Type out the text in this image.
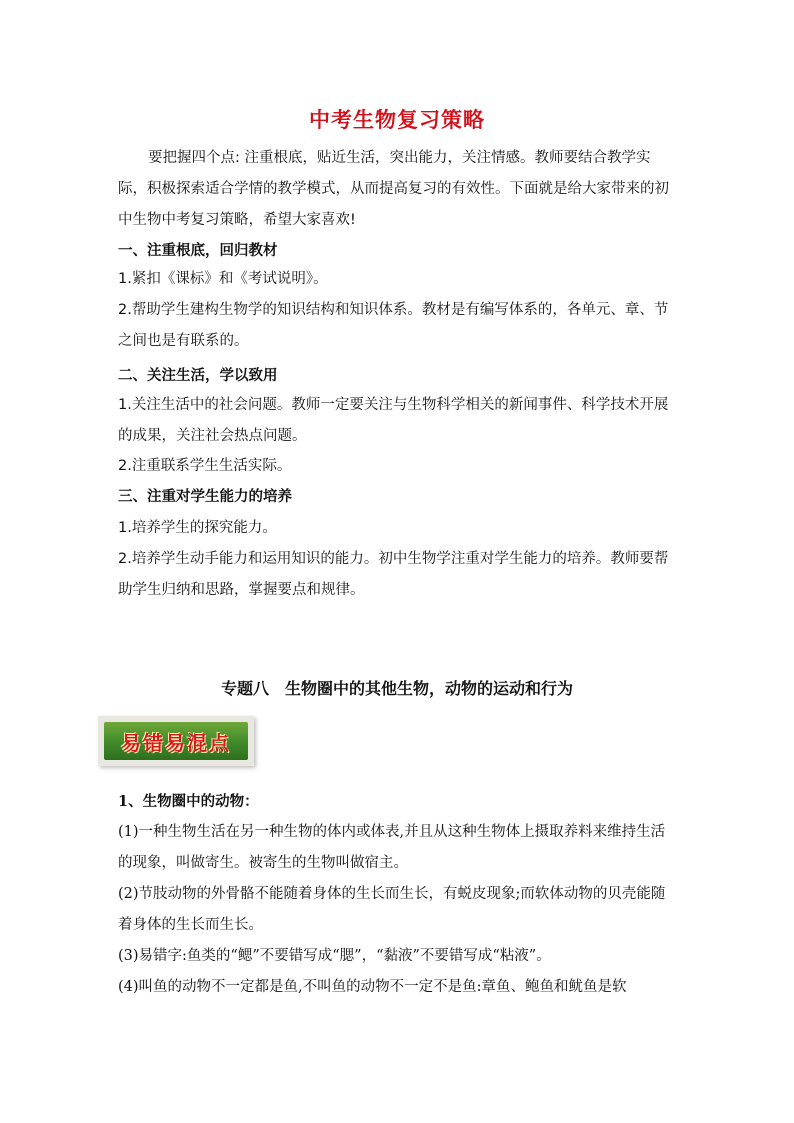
中考生物复习策略

要把握四个点: 注重根底，贴近生活，突出能力，关注情感。教师要结合教学实际，积极探索适合学情的教学模式，从而提高复习的有效性。下面就是给大家带来的初中生物中考复习策略，希望大家喜欢!

一、注重根底，回归教材

1.紧扣《课标》和《考试说明》。

2.帮助学生建构生物学的知识结构和知识体系。教材是有编写体系的，各单元、章、节之间也是有联系的。

二、关注生活，学以致用

1.关注生活中的社会问题。教师一定要关注与生物科学相关的新闻事件、科学技术开展的成果，关注社会热点问题。

2.注重联系学生生活实际。

三、注重对学生能力的培养

1.培养学生的探究能力。

2.培养学生动手能力和运用知识的能力。初中生物学注重对学生能力的培养。教师要帮助学生归纳和思路，掌握要点和规律。

专题八　生物圈中的其他生物，动物的运动和行为
易错易混点

1、生物圈中的动物：

(1)一种生物生活在另一种生物的体内或体表,并且从这种生物体上摄取养料来维持生活的现象，叫做寄生。被寄生的生物叫做宿主。

(2)节肢动物的外骨骼不能随着身体的生长而生长，有蜕皮现象;而软体动物的贝壳能随着身体的生长而生长。

(3)易错字:鱼类的“鳃”不要错写成“腮”，“黏液”不要错写成“粘液”。

(4)叫鱼的动物不一定都是鱼,不叫鱼的动物不一定不是鱼:章鱼、鲍鱼和鱿鱼是软
